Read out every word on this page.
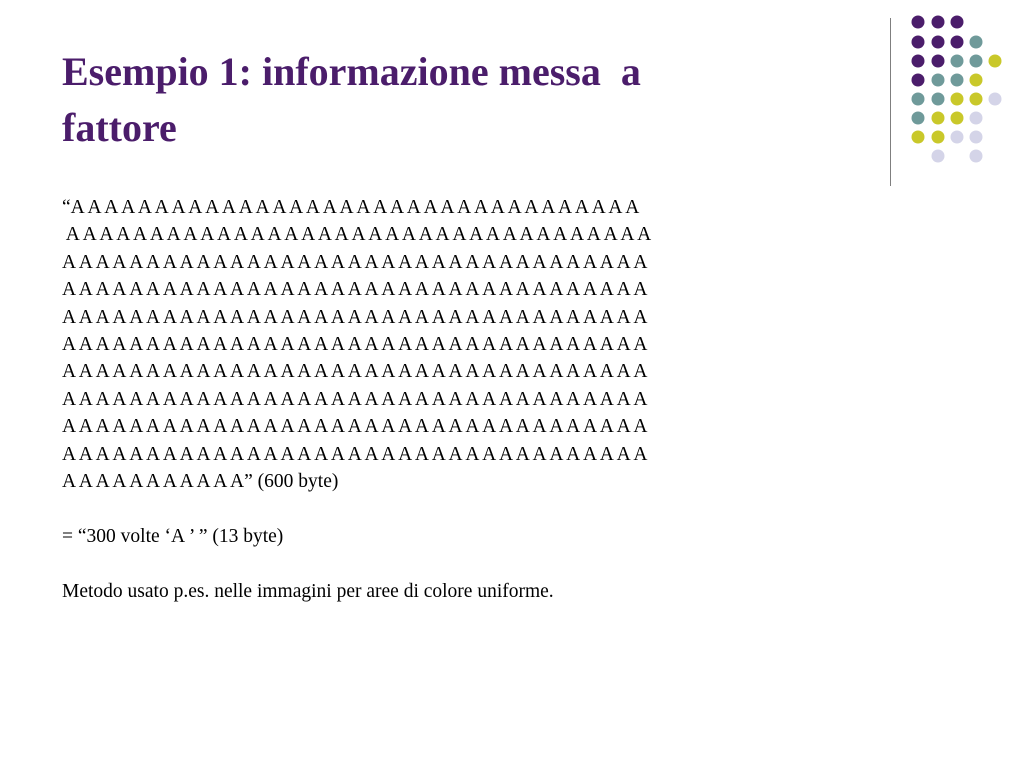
Esempio 1: informazione messa  a
fattore
“A A A A A A A A A A A A A A A A A A A A A A A A A A A A A A A A A A
A A A A A A A A A A A A A A A A A A A A A A A A A A A A A A A A A A A
A A A A A A A A A A A A A A A A A A A A A A A A A A A A A A A A A A A
A A A A A A A A A A A A A A A A A A A A A A A A A A A A A A A A A A A
A A A A A A A A A A A A A A A A A A A A A A A A A A A A A A A A A A A
A A A A A A A A A A A A A A A A A A A A A A A A A A A A A A A A A A A
A A A A A A A A A A A A A A A A A A A A A A A A A A A A A A A A A A A
A A A A A A A A A A A A A A A A A A A A A A A A A A A A A A A A A A A
A A A A A A A A A A A A A A A A A A A A A A A A A A A A A A A A A A A
A A A A A A A A A A A A A A A A A A A A A A A A A A A A A A A A A A A
A A A A A A A A A A A” (600 byte)
= “300 volte ‘A ’ ” (13 byte)
Metodo usato p.es. nelle immagini per aree di colore uniforme.
